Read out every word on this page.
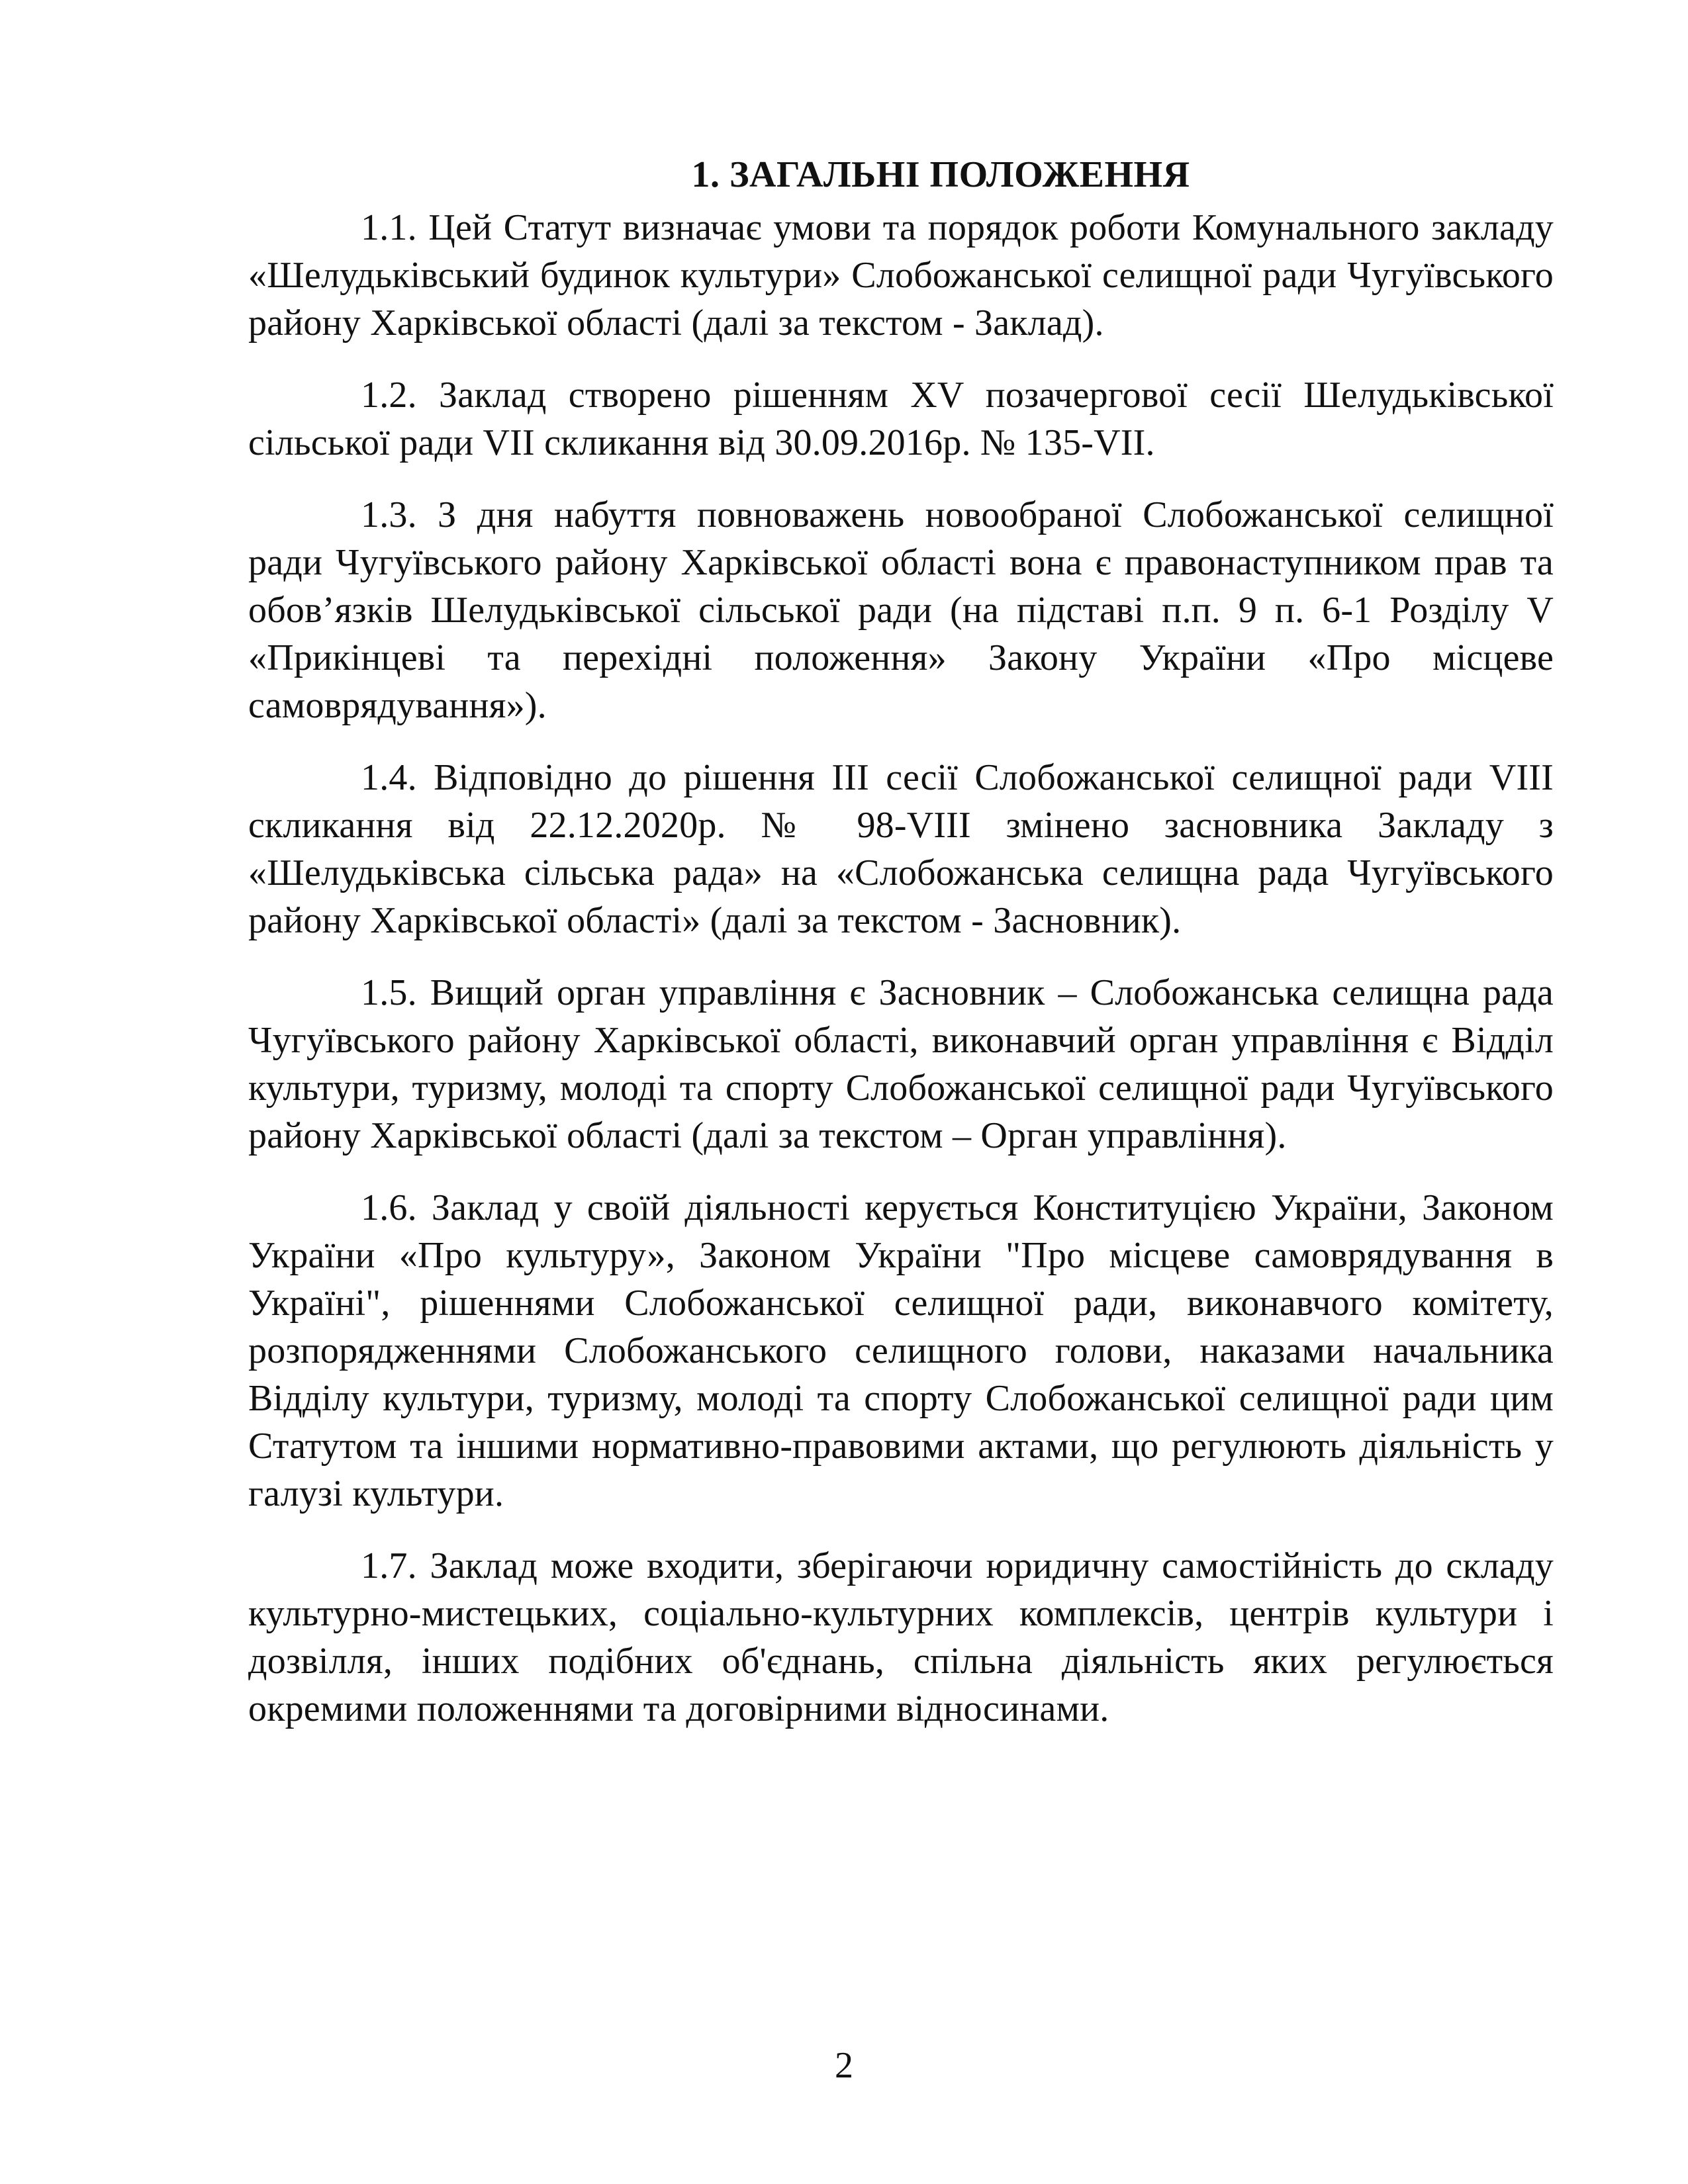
1. ЗАГАЛЬНІ ПОЛОЖЕННЯ

1.1. Цей Статут визначає умови та порядок роботи Комунального закладу «Шелудьківський будинок культури» Слобожанської селищної ради Чугуївського району Харківської області (далі за текстом - Заклад).

1.2. Заклад створено рішенням XV позачергової сесії Шелудьківської сільської ради VII скликання від 30.09.2016р. № 135-VII.

1.3. З дня набуття повноважень новообраної Слобожанської селищної ради Чугуївського району Харківської області вона є правонаступником прав та обов’язків Шелудьківської сільської ради (на підставі п.п. 9 п. 6-1 Розділу V «Прикінцеві та перехідні положення» Закону України «Про місцеве самоврядування»).

1.4. Відповідно до рішення III сесії Слобожанської селищної ради VIII скликання від 22.12.2020р. № 98-VIII змінено засновника Закладу з «Шелудьківська сільська рада» на «Слобожанська селищна рада Чугуївського району Харківської області» (далі за текстом - Засновник).

1.5. Вищий орган управління є Засновник – Слобожанська селищна рада Чугуївського району Харківської області, виконавчий орган управління є Відділ культури, туризму, молоді та спорту Слобожанської селищної ради Чугуївського району Харківської області (далі за текстом – Орган управління).

1.6. Заклад у своїй діяльності керується Конституцією України, Законом України «Про культуру», Законом України "Про місцеве самоврядування в Україні", рішеннями Слобожанської селищної ради, виконавчого комітету, розпорядженнями Слобожанського селищного голови, наказами начальника Відділу культури, туризму, молоді та спорту Слобожанської селищної ради цим Статутом та іншими нормативно-правовими актами, що регулюють діяльність у галузі культури.

1.7. Заклад може входити, зберігаючи юридичну самостійність до складу культурно-мистецьких, соціально-культурних комплексів, центрів культури і дозвілля, інших подібних об'єднань, спільна діяльність яких регулюється окремими положеннями та договірними відносинами.

2
